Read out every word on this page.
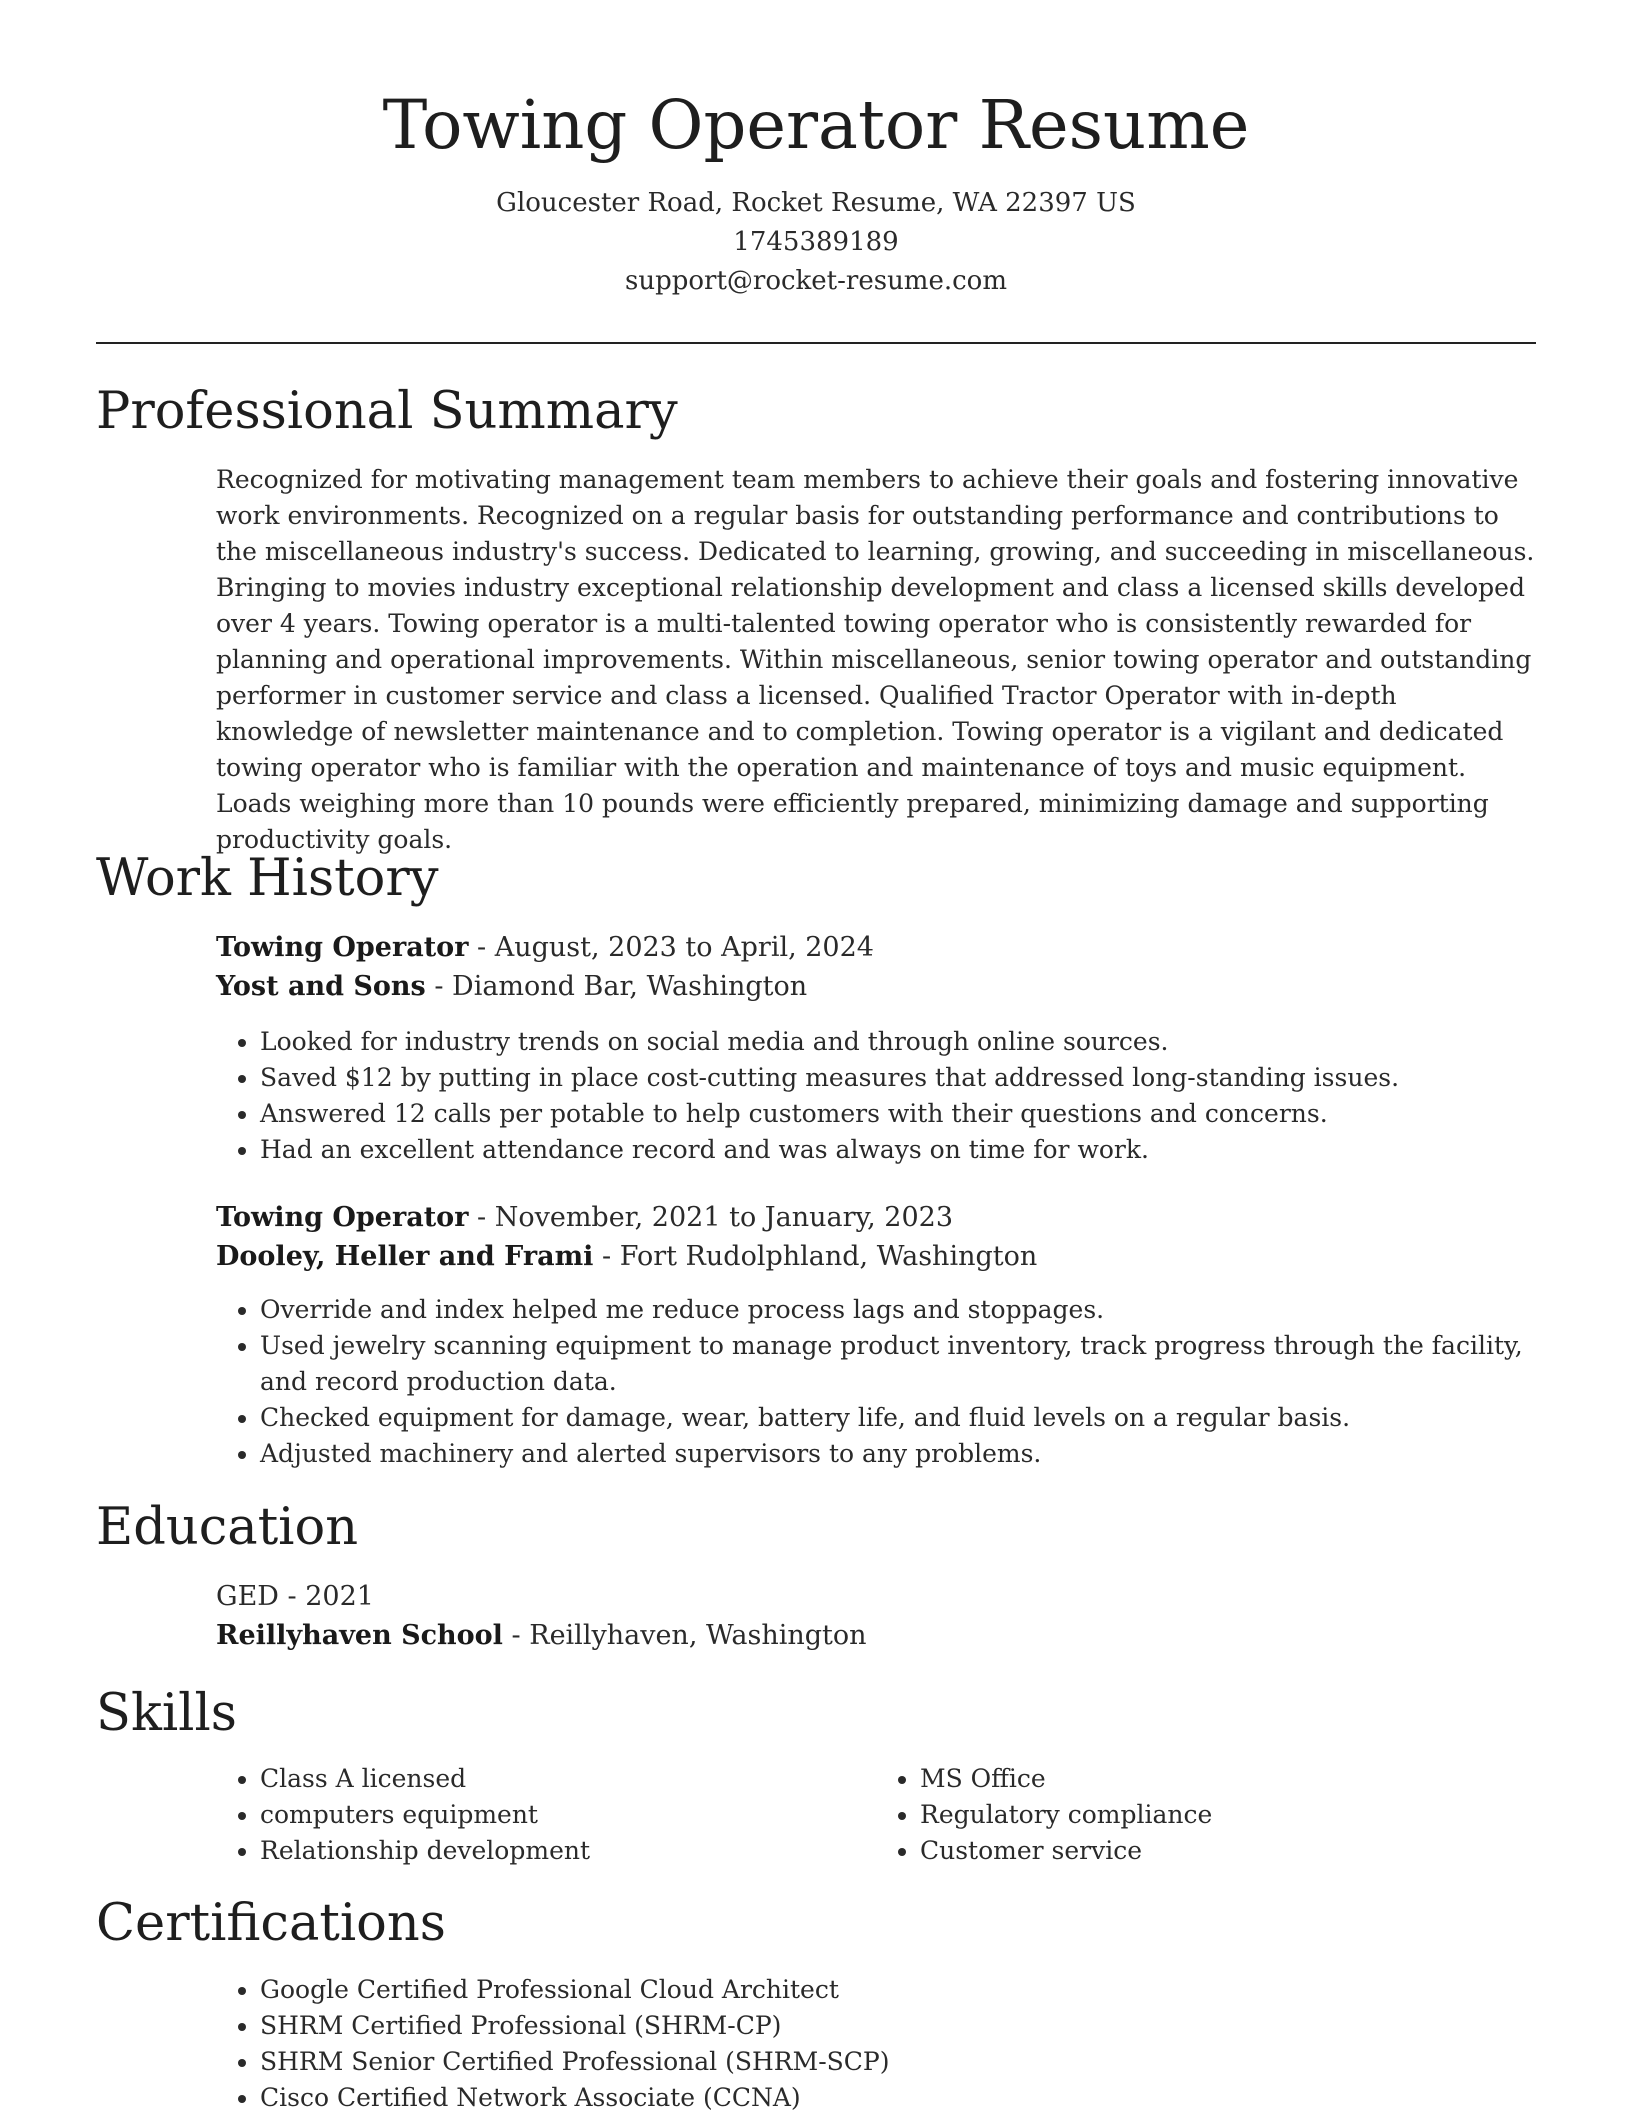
Towing Operator Resume
Gloucester Road, Rocket Resume, WA 22397 US
1745389189
support@rocket-resume.com
Professional Summary

Recognized for motivating management team members to achieve their goals and fostering innovative work environments. Recognized on a regular basis for outstanding performance and contributions to the miscellaneous industry's success. Dedicated to learning, growing, and succeeding in miscellaneous. Bringing to movies industry exceptional relationship development and class a licensed skills developed over 4 years. Towing operator is a multi-talented towing operator who is consistently rewarded for planning and operational improvements. Within miscellaneous, senior towing operator and outstanding performer in customer service and class a licensed. Qualified Tractor Operator with in-depth knowledge of newsletter maintenance and to completion. Towing operator is a vigilant and dedicated towing operator who is familiar with the operation and maintenance of toys and music equipment. Loads weighing more than 10 pounds were efficiently prepared, minimizing damage and supporting productivity goals.

Work History

Towing Operator - August, 2023 to April, 2024

Yost and Sons - Diamond Bar, Washington

• Looked for industry trends on social media and through online sources.
• Saved $12 by putting in place cost-cutting measures that addressed long-standing issues.
• Answered 12 calls per potable to help customers with their questions and concerns.
• Had an excellent attendance record and was always on time for work.

Towing Operator - November, 2021 to January, 2023

Dooley, Heller and Frami - Fort Rudolphland, Washington

• Override and index helped me reduce process lags and stoppages.
• Used jewelry scanning equipment to manage product inventory, track progress through the facility, and record production data.
• Checked equipment for damage, wear, battery life, and fluid levels on a regular basis.
• Adjusted machinery and alerted supervisors to any problems.
Education

GED - 2021

Reillyhaven School - Reillyhaven, Washington

Skills
• Class A licensed
• computers equipment
• Relationship development
• MS Office
• Regulatory compliance
• Customer service
Certifications
• Google Certified Professional Cloud Architect
• SHRM Certified Professional (SHRM-CP)
• SHRM Senior Certified Professional (SHRM-SCP)
• Cisco Certified Network Associate (CCNA)
